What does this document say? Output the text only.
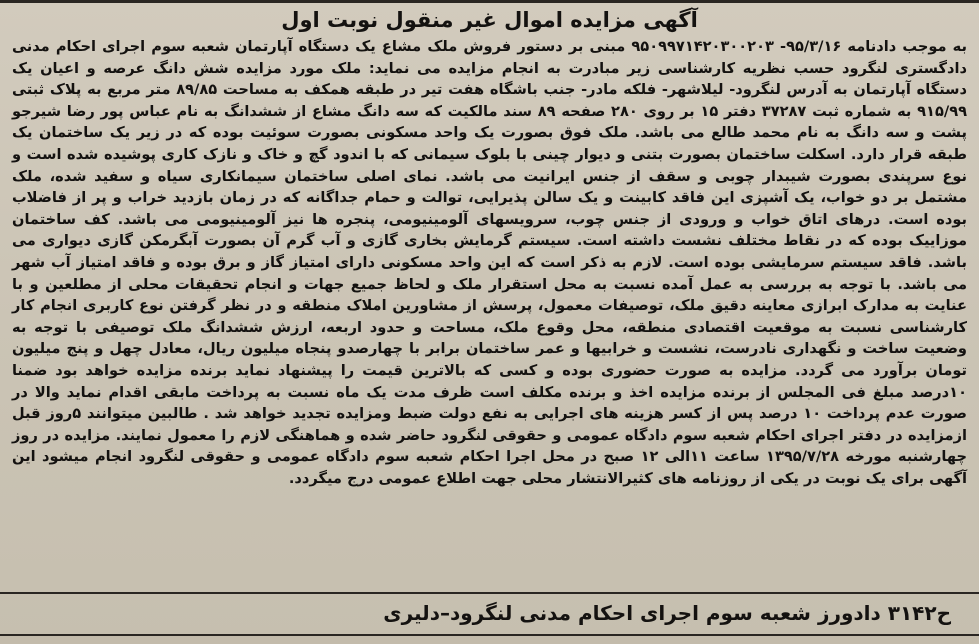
آگهی مزایده اموال غیر منقول نوبت اول

به موجب دادنامه ۹۵/۳/۱۶- ۹۵۰۹۹۷۱۴۲۰۳۰۰۲۰۳ مبنی بر دستور فروش ملک مشاع یک دستگاه آپارتمان شعبه سوم اجرای احکام مدنی دادگستری لنگرود حسب نظریه کارشناسی زیر مبادرت به انجام مزایده می نماید: ملک مورد مزایده شش دانگ عرصه و اعیان یک دستگاه آپارتمان به آدرس لنگرود- لیلاشهر- فلکه مادر- جنب باشگاه هفت تیر در طبقه همکف به مساحت ۸۹/۸۵ متر مربع به پلاک ثبتی ۹۱۵/۹۹ به شماره ثبت ۳۷۲۸۷ دفتر ۱۵ بر روی ۲۸۰ صفحه ۸۹ سند مالکیت که سه دانگ مشاع از ششدانگ به نام عباس پور رضا شیرجو پشت و سه دانگ به نام محمد طالع می باشد. ملک فوق بصورت یک واحد مسکونی بصورت سوئیت بوده که در زیر یک ساختمان یک طبقه قرار دارد. اسکلت ساختمان بصورت بتنی و دیوار چینی با بلوک سیمانی که با اندود گچ و خاک و نازک کاری پوشیده شده است و نوع سرپندی بصورت شیبدار چوبی و سقف از جنس ایرانیت می باشد. نمای اصلی ساختمان سیمانکاری سیاه و سفید شده، ملک مشتمل بر دو خواب، یک آشپزی این فاقد کابینت و یک سالن پذیرایی، توالت و حمام جداگانه که در زمان بازدید خراب و پر از فاضلاب بوده است. درهای اتاق خواب و ورودی از جنس چوب، سرویسهای آلومینیومی، پنجره ها نیز آلومینیومی می باشد. کف ساختمان موزاییک بوده که در نقاط مختلف نشست داشته است. سیستم گرمایش بخاری گازی و آب گرم آن بصورت آبگرمکن گازی دیواری می باشد. فاقد سیستم سرمایشی بوده است. لازم به ذکر است که این واحد مسکونی دارای امتیاز گاز و برق بوده و فاقد امتیاز آب شهر می باشد. با توجه به بررسی به عمل آمده نسبت به محل استقرار ملک و لحاظ جمیع جهات و انجام تحقیقات محلی از مطلعین و با عنایت به مدارک ابرازی معاینه دقیق ملک، توصیفات معمول، پرسش از مشاورین املاک منطقه و در نظر گرفتن نوع کاربری انجام کار کارشناسی نسبت به موقعیت اقتصادی منطقه، محل وقوع ملک، مساحت و حدود اربعه، ارزش ششدانگ ملک توصیفی با توجه به وضعیت ساخت و نگهداری نادرست، نشست و خرابیها و عمر ساختمان برابر با چهارصدو پنجاه میلیون ریال، معادل چهل و پنج میلیون تومان برآورد می گردد. مزایده به صورت حضوری بوده و کسی که بالاترین قیمت را پیشنهاد نماید برنده مزایده خواهد بود ضمنا ۱۰درصد مبلغ فی المجلس از برنده مزایده اخذ و برنده مکلف است ظرف مدت یک ماه نسبت به پرداخت مابقی اقدام نماید والا در صورت عدم پرداخت ۱۰ درصد پس از کسر هزینه های اجرایی به نفع دولت ضبط ومزایده تجدید خواهد شد . طالبین میتوانند ۵روز قبل ازمزایده در دفتر اجرای احکام شعبه سوم دادگاه عمومی و حقوقی لنگرود حاضر شده و هماهنگی لازم را معمول نمایند. مزایده در روز چهارشنبه مورخه ۱۳۹۵/۷/۲۸ ساعت ۱۱الی ۱۲ صبح در محل اجرا احکام شعبه سوم دادگاه عمومی و حقوقی لنگرود انجام میشود این آگهی برای یک نوبت در یکی از روزنامه های کثیرالانتشار محلی جهت اطلاع عمومی درج میگردد.

ح۳۱۴۲ دادورز شعبه سوم اجرای احکام مدنی لنگرود–دلیری
